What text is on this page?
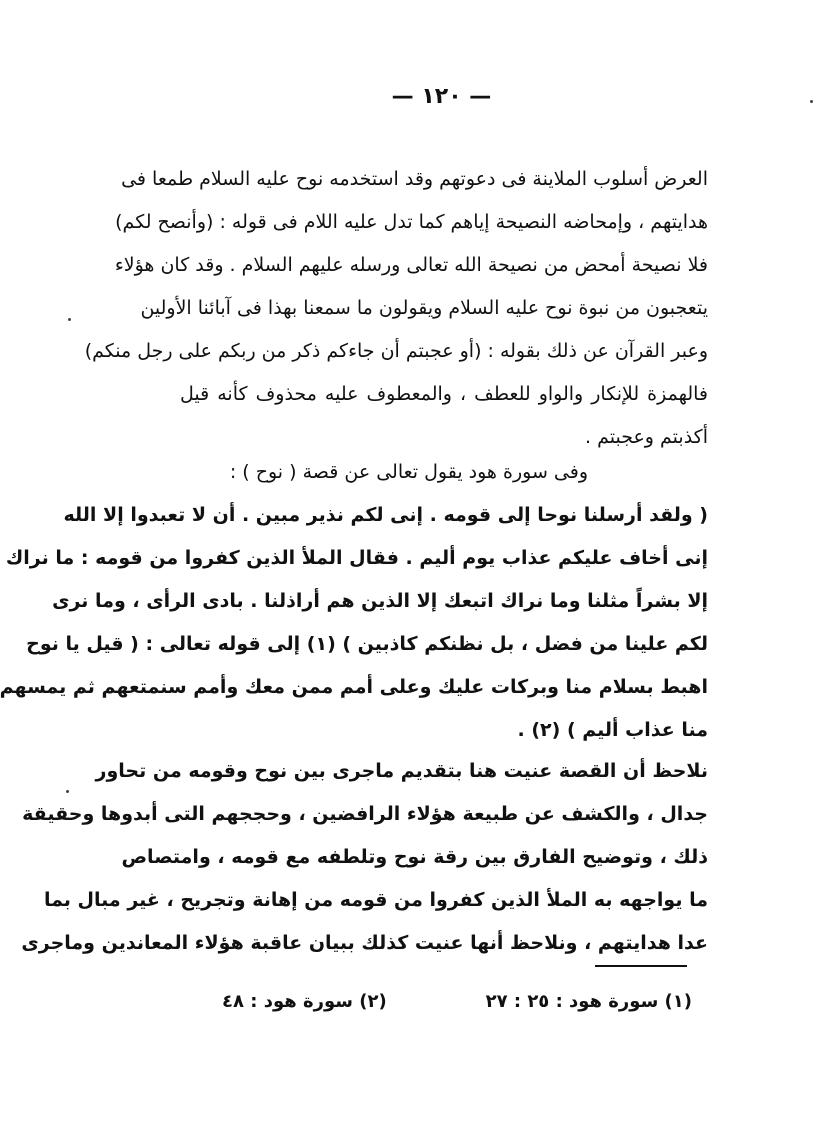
— ١٢٠ —
العرض أسلوب الملاينة فى دعوتهم وقد استخدمه نوح عليه السلام طمعا فى
هدايتهم ، وإمحاضه النصيحة إياهم كما تدل عليه اللام فى قوله : (وأنصح لكم)
فلا نصيحة أمحض من نصيحة الله تعالى ورسله عليهم السلام . وقد كان هؤلاء
يتعجبون من نبوة نوح عليه السلام ويقولون ما سمعنا بهذا فى آبائنا الأولين
وعبر القرآن عن ذلك بقوله : (أو عجبتم أن جاءكم ذكر من ربكم على رجل منكم)
فالهمزة للإنكار والواو للعطف ، والمعطوف عليه محذوف كأنه قيل
أكذبتم وعجبتم .
وفى سورة هود يقول تعالى عن قصة ( نوح ) :
( ولقد أرسلنا نوحا إلى قومه . إنى لكم نذير مبين . أن لا تعبدوا إلا الله
إنى أخاف عليكم عذاب يوم أليم . فقال الملأ الذين كفروا من قومه : ما نراك
إلا بشراً مثلنا وما نراك اتبعك إلا الذين هم أراذلنا . بادى الرأى ، وما نرى
لكم علينا من فضل ، بل نظنكم كاذبين ) (١) إلى قوله تعالى : ( قيل يا نوح
اهبط بسلام منا وبركات عليك وعلى أمم ممن معك وأمم سنمتعهم ثم يمسهم
منا عذاب أليم ) (٢) .
نلاحظ أن القصة عنيت هنا بتقديم ماجرى بين نوح وقومه من تحاور
جدال ، والكشف عن طبيعة هؤلاء الرافضين ، وحججهم التى أبدوها وحقيقة
ذلك ، وتوضيح الفارق بين رقة نوح وتلطفه مع قومه ، وامتصاص
ما يواجهه به الملأ الذين كفروا من قومه من إهانة وتجريح ، غير مبال بما
عدا هدايتهم ، ونلاحظ أنها عنيت كذلك ببيان عاقبة هؤلاء المعاندين وماجرى
(١) سورة هود : ٢٥ : ٢٧
(٢) سورة هود : ٤٨
